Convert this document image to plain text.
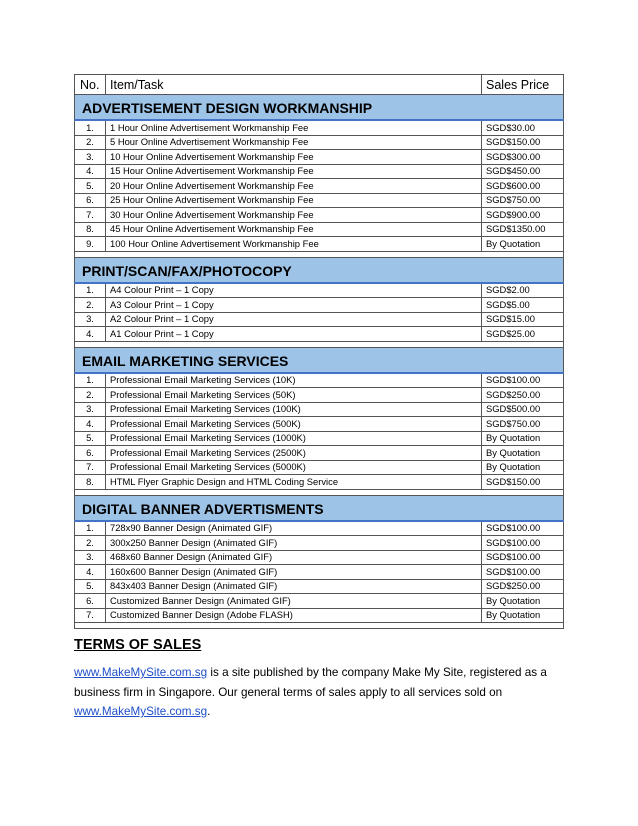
No.	Item/Task	Sales Price
ADVERTISEMENT DESIGN WORKMANSHIP		
1.	1 Hour Online Advertisement Workmanship Fee	SGD$30.00
2.	5 Hour Online Advertisement Workmanship Fee	SGD$150.00
3.	10 Hour Online Advertisement Workmanship Fee	SGD$300.00
4.	15 Hour Online Advertisement Workmanship Fee	SGD$450.00
5.	20 Hour Online Advertisement Workmanship Fee	SGD$600.00
6.	25 Hour Online Advertisement Workmanship Fee	SGD$750.00
7.	30 Hour Online Advertisement Workmanship Fee	SGD$900.00
8.	45 Hour Online Advertisement Workmanship Fee	SGD$1350.00
9.	100 Hour Online Advertisement Workmanship Fee	By Quotation

PRINT/SCAN/FAX/PHOTOCOPY		
1.	A4 Colour Print – 1 Copy	SGD$2.00
2.	A3 Colour Print – 1 Copy	SGD$5.00
3.	A2 Colour Print – 1 Copy	SGD$15.00
4.	A1 Colour Print – 1 Copy	SGD$25.00

EMAIL MARKETING SERVICES		
1.	Professional Email Marketing Services (10K)	SGD$100.00
2.	Professional Email Marketing Services (50K)	SGD$250.00
3.	Professional Email Marketing Services (100K)	SGD$500.00
4.	Professional Email Marketing Services (500K)	SGD$750.00
5.	Professional Email Marketing Services (1000K)	By Quotation
6.	Professional Email Marketing Services (2500K)	By Quotation
7.	Professional Email Marketing Services (5000K)	By Quotation
8.	HTML Flyer Graphic Design and HTML Coding Service	SGD$150.00

DIGITAL BANNER ADVERTISMENTS		
1.	728x90 Banner Design (Animated GIF)	SGD$100.00
2.	300x250 Banner Design (Animated GIF)	SGD$100.00
3.	468x60 Banner Design (Animated GIF)	SGD$100.00
4.	160x600 Banner Design (Animated GIF)	SGD$100.00
5.	843x403 Banner Design (Animated GIF)	SGD$250.00
6.	Customized Banner Design (Animated GIF)	By Quotation
7.	Customized Banner Design (Adobe FLASH)	By Quotation

TERMS OF SALES

www.MakeMySite.com.sg is a site published by the company Make My Site, registered as a business firm in Singapore. Our general terms of sales apply to all services sold on www.MakeMySite.com.sg.
